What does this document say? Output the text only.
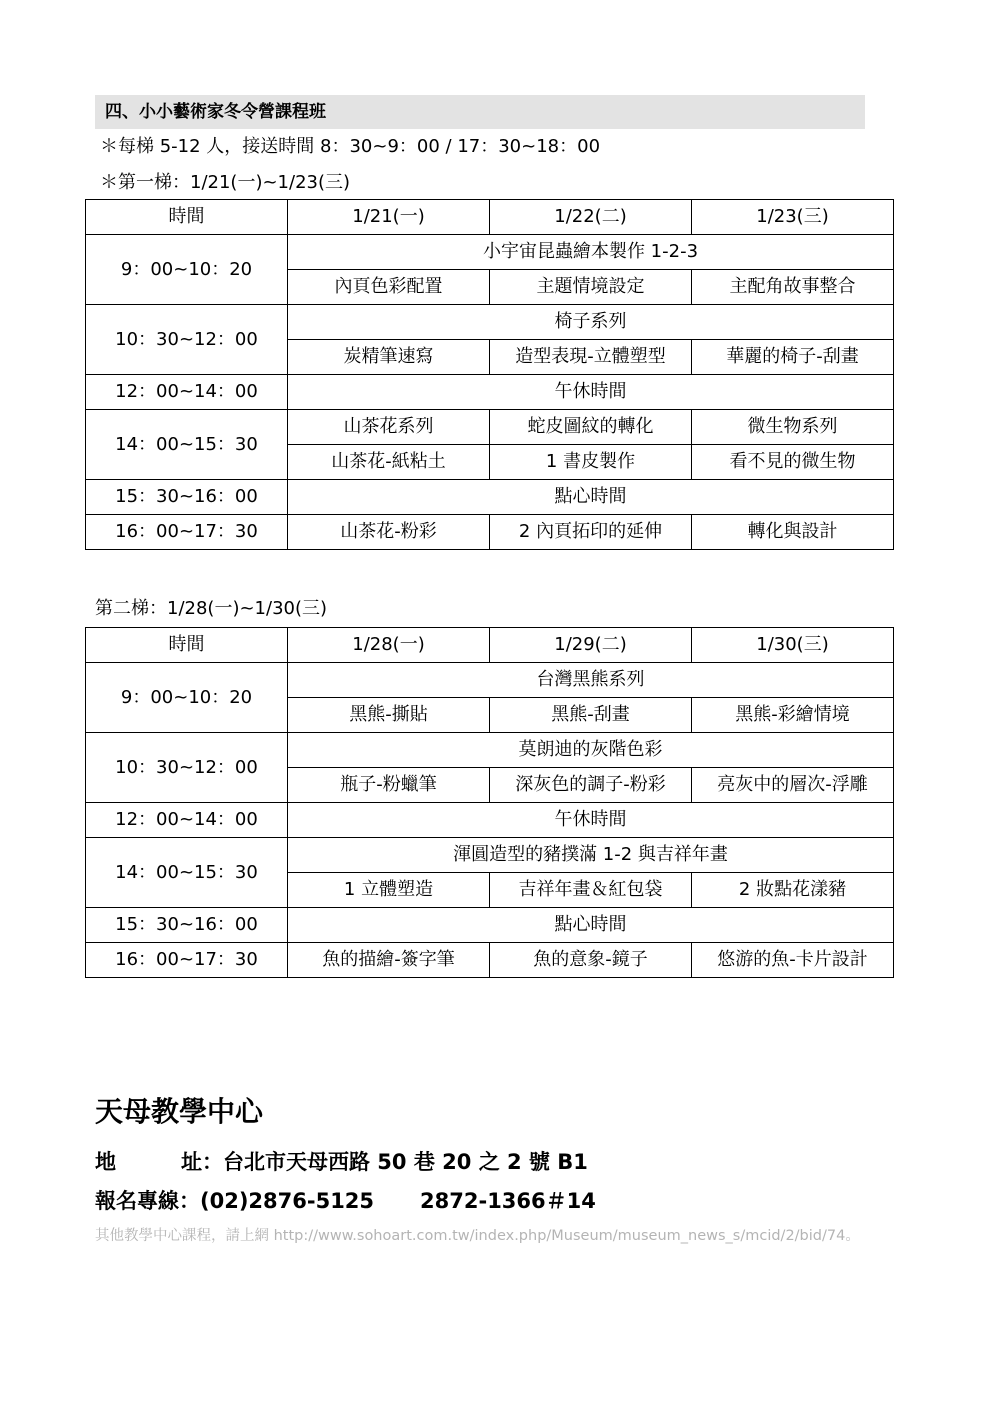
四、小小藝術家冬令營課程班
＊每梯 5-12 人，接送時間 8：30~9：00 / 17：30~18：00
＊第一梯：1/21(一)~1/23(三)
時間	1/21(一)	1/22(二)	1/23(三)
9：00~10：20	小宇宙昆蟲繪本製作 1-2-3		
	內頁色彩配置	主題情境設定	主配角故事整合
10：30~12：00	椅子系列		
	炭精筆速寫	造型表現-立體塑型	華麗的椅子-刮畫
12：00~14：00	午休時間		
14：00~15：30	山茶花系列	蛇皮圖紋的轉化	微生物系列
	山茶花-紙粘土	1 書皮製作	看不見的微生物
15：30~16：00	點心時間		
16：00~17：30	山茶花-粉彩	2 內頁拓印的延伸	轉化與設計
第二梯：1/28(一)~1/30(三)
時間	1/28(一)	1/29(二)	1/30(三)
9：00~10：20	台灣黑熊系列		
	黑熊-撕貼	黑熊-刮畫	黑熊-彩繪情境
10：30~12：00	莫朗迪的灰階色彩		
	瓶子-粉蠟筆	深灰色的調子-粉彩	亮灰中的層次-浮雕
12：00~14：00	午休時間		
14：00~15：30	渾圓造型的豬撲滿 1-2 與吉祥年畫		
	1 立體塑造	吉祥年畫＆紅包袋	2 妝點花漾豬
15：30~16：00	點心時間		
16：00~17：30	魚的描繪-簽字筆	魚的意象-鏡子	悠游的魚-卡片設計
天母教學中心
地	址： 台北市天母西路 50 巷 20 之 2 號 B1
報名專線：(02)2876-5125 2872-1366＃14
其他教學中心課程，請上網 http://www.sohoart.com.tw/index.php/Museum/museum_news_s/mcid/2/bid/74。
